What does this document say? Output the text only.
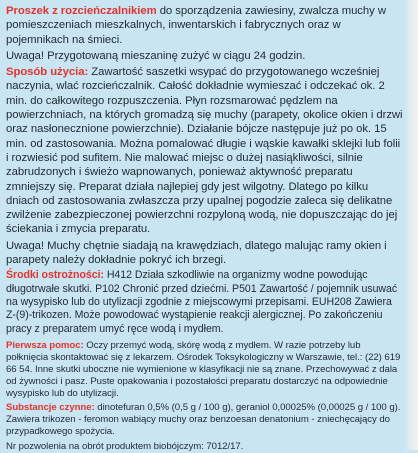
Proszek z rozcieńczalnikiem do sporządzenia zawiesiny, zwalcza muchy w pomieszczeniach mieszkalnych, inwentarskich i fabrycznych oraz w pojemnikach na śmieci.

Uwaga! Przygotowaną mieszaninę zużyć w ciągu 24 godzin.

Sposób użycia: Zawartość saszetki wsypać do przygotowanego wcześniej naczynia, wlać rozcieńczalnik. Całość dokładnie wymieszać i odczekać ok. 2 min. do całkowitego rozpuszczenia. Płyn rozsmarować pędzlem na powierzchniach, na których gromadzą się muchy (parapety, okolice okien i drzwi oraz nasłonecznione powierzchnie). Działanie bójcze następuje już po ok. 15 min. od zastosowania. Można pomalować długie i wąskie kawałki sklejki lub folii i rozwiesić pod sufitem. Nie malować miejsc o dużej nasiąkliwości, silnie zabrudzonych i świeżo wapnowanych, ponieważ aktywność preparatu zmniejszy się. Preparat działa najlepiej gdy jest wilgotny. Dlatego po kilku dniach od zastosowania zwłaszcza przy upalnej pogodzie zaleca się delikatne zwilżenie zabezpieczonej powierzchni rozpyloną wodą, nie dopuszczając do jej ściekania i zmycia preparatu.

Uwaga! Muchy chętnie siadają na krawędziach, dlatego malując ramy okien i parapety należy dokładnie pokryć ich brzegi.

Środki ostrożności: H412 Działa szkodliwie na organizmy wodne powodując długotrwałe skutki. P102 Chronić przed dziećmi. P501 Zawartość / pojemnik usuwać na wysypisko lub do utylizacji zgodnie z miejscowymi przepisami. EUH208 Zawiera Z-(9)-trikozen. Może powodować wystąpienie reakcji alergicznej. Po zakończeniu pracy z preparatem umyć ręce wodą i mydłem.

Pierwsza pomoc: Oczy przemyć wodą, skórę wodą z mydłem. W razie potrzeby lub połknięcia skontaktować się z lekarzem. Ośrodek Toksykologiczny w Warszawie, tel.: (22) 619 66 54. Inne skutki uboczne nie wymienione w klasyfikacji nie są znane. Przechowywać z dala od żywności i pasz. Puste opakowania i pozostałości preparatu dostarczyć na odpowiednie wysypisko lub do utylizacji.

Substancje czynne: dinotefuran 0,5% (0,5 g / 100 g), geraniol 0,00025% (0,00025 g / 100 g). Zawiera trikozen - feromon wabiący muchy oraz benzoesan denatonium - zniechęcający do przypadkowego spożycia.

Nr pozwolenia na obrót produktem biobójczym: 7012/17.
